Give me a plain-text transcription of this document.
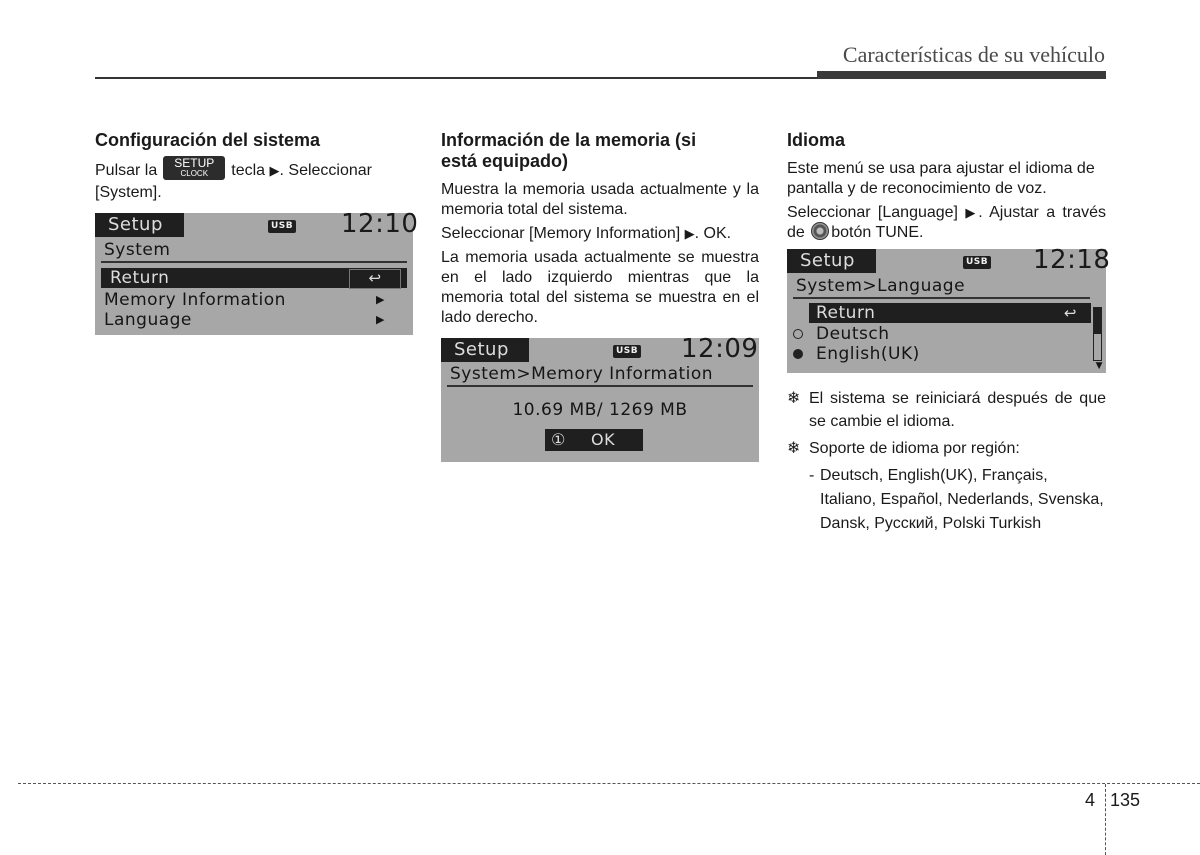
Características de su vehículo
Configuración del sistema

Pulsar la	SETUP
CLOCK	tecla ▶. Seleccionar [System].

Setup	USB 12:10
System
Return	↩
Memory Information	▶
Language	▶
Información de la memoria (si está equipado)

Muestra la memoria usada actualmente y la memoria total del sistema.

Seleccionar [Memory Information] ▶. OK.

La memoria usada actualmente se muestra en el lado izquierdo mientras que la memoria total del sistema se muestra en el lado derecho.

Setup	USB 12:09
System>Memory Information
10.69 MB/ 1269 MB
① OK
Idioma

Este menú se usa para ajustar el idioma de pantalla y de reconocimiento de voz.

Seleccionar [Language] ▶. Ajustar a través de botón TUNE.

Setup	USB 12:18
System>Language
Return	↩
Deutsch
English(UK)
▼
❄ El sistema se reiniciará después de que se cambie el idioma.
❄ Soporte de idioma por región:
- Deutsch, English(UK), Français, Italiano, Español, Nederlands, Svenska, Dansk, Русский, Polski Turkish
4 135
